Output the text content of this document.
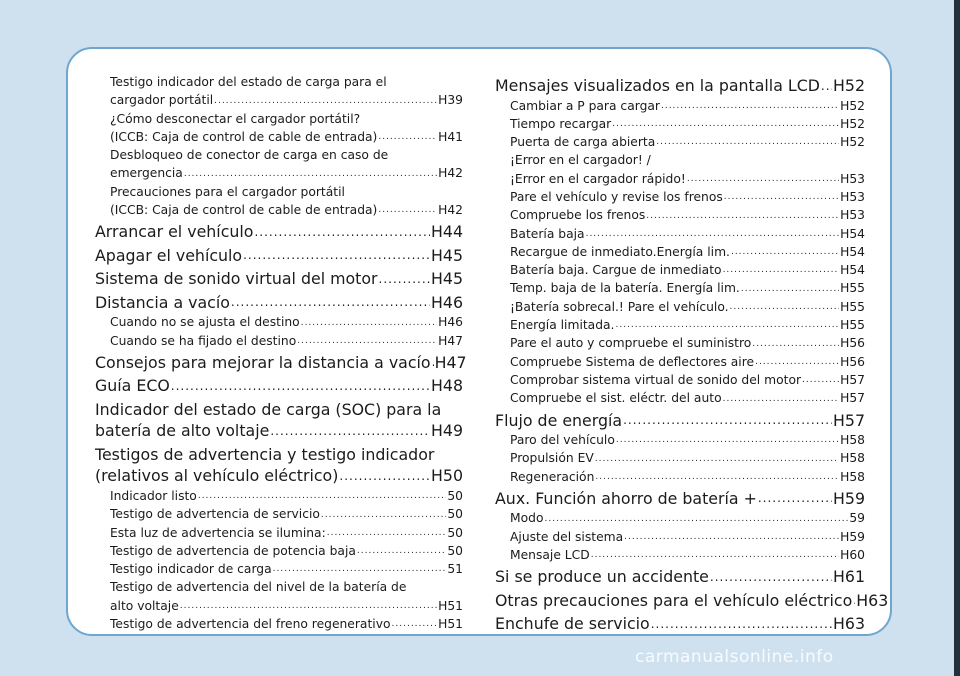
Testigo indicador del estado de carga para el
cargador portátil .....	H39
¿Cómo desconectar el cargador portátil?
(ICCB: Caja de control de cable de entrada) .....	H41
Desbloqueo de conector de carga en caso de
emergencia .....	H42
Precauciones para el cargador portátil
(ICCB: Caja de control de cable de entrada) .....	H42
Arrancar el vehículo .....	H44
Apagar el vehículo .....	H45
Sistema de sonido virtual del motor .....	H45
Distancia a vacío .....	H46
Cuando no se ajusta el destino .....	H46
Cuando se ha fijado el destino .....	H47
Consejos para mejorar la distancia a vacío ..... H47
Guía ECO .....	H48
Indicador del estado de carga (SOC) para la
batería de alto voltaje .....	H49
Testigos de advertencia y testigo indicador
(relativos al vehículo eléctrico) .....	H50
Indicador listo .....	50
Testigo de advertencia de servicio .....	50
Esta luz de advertencia se ilumina: .....	50
Testigo de advertencia de potencia baja .....	50
Testigo indicador de carga .....	51
Testigo de advertencia del nivel de la batería de
alto voltaje .....	H51
Testigo de advertencia del freno regenerativo .....	H51
Mensajes visualizados en la pantalla LCD ..... H52
Cambiar a P para cargar .....	H52
Tiempo recargar .....	H52
Puerta de carga abierta .....	H52
¡Error en el cargador! /
¡Error en el cargador rápido! .....	H53
Pare el vehículo y revise los frenos .....	H53
Compruebe los frenos .....	H53
Batería baja .....	H54
Recargue de inmediato.Energía lim. .....	H54
Batería baja. Cargue de inmediato .....	H54
Temp. baja de la batería. Energía lim. .....	H55
¡Batería sobrecal.! Pare el vehículo. .....	H55
Energía limitada. .....	H55
Pare el auto y compruebe el suministro .....	H56
Compruebe Sistema de deflectores aire .....	H56
Comprobar sistema virtual de sonido del motor .....	H57
Compruebe el sist. eléctr. del auto .....	H57
Flujo de energía .....	H57
Paro del vehículo .....	H58
Propulsión EV .....	H58
Regeneración .....	H58
Aux. Función ahorro de batería + .....	H59
Modo .....	59
Ajuste del sistema .....	H59
Mensaje LCD .....	H60
Si se produce un accidente .....	H61
Otras precauciones para el vehículo eléctrico ..... H63
Enchufe de servicio .....	H63
carmanualsonline.info
